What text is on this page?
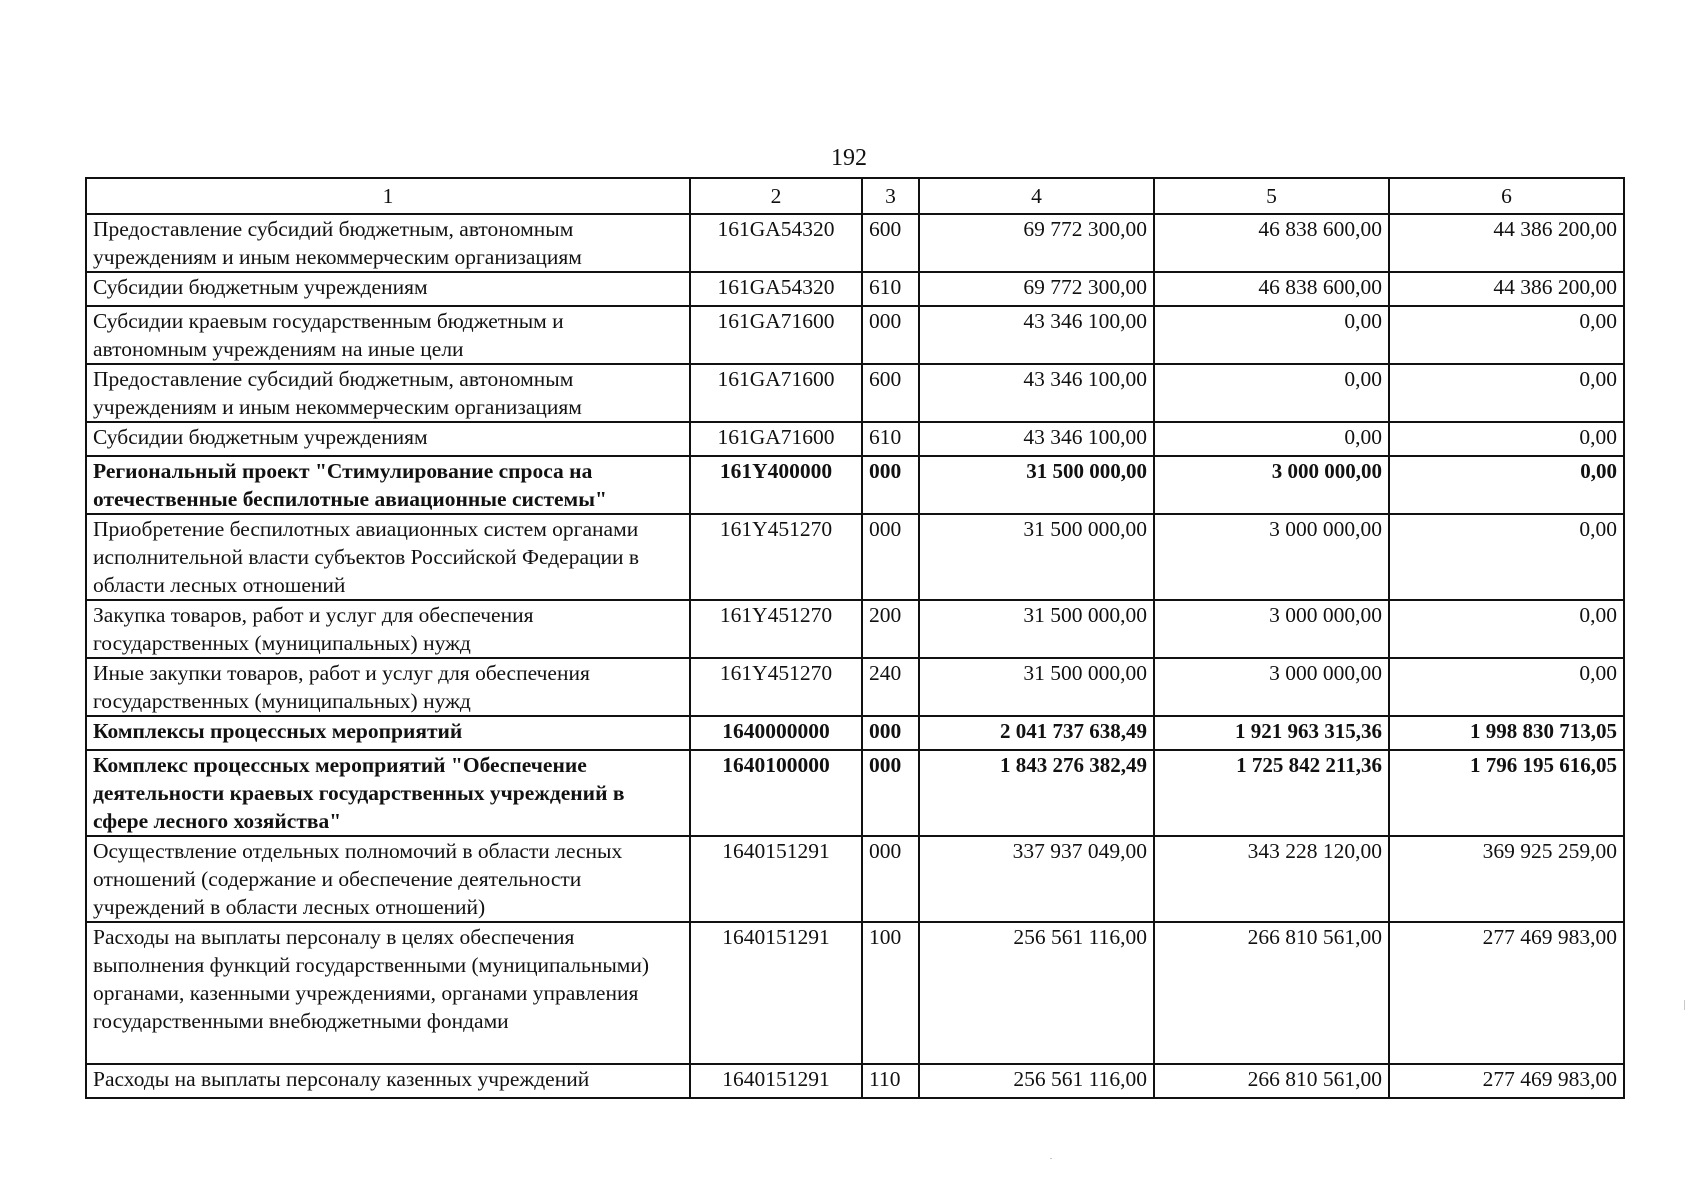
192
1	2	3	4	5	6
Предоставление субсидий бюджетным, автономным учреждениям и иным некоммерческим организациям	161GA54320	600	69 772 300,00	46 838 600,00	44 386 200,00
Субсидии бюджетным учреждениям	161GA54320	610	69 772 300,00	46 838 600,00	44 386 200,00
Субсидии краевым государственным бюджетным и автономным учреждениям на иные цели	161GA71600	000	43 346 100,00	0,00	0,00
Предоставление субсидий бюджетным, автономным учреждениям и иным некоммерческим организациям	161GA71600	600	43 346 100,00	0,00	0,00
Субсидии бюджетным учреждениям	161GA71600	610	43 346 100,00	0,00	0,00
Региональный проект "Стимулирование спроса на отечественные беспилотные авиационные системы"	161Y400000	000	31 500 000,00	3 000 000,00	0,00
Приобретение беспилотных авиационных систем органами исполнительной власти субъектов Российской Федерации в области лесных отношений	161Y451270	000	31 500 000,00	3 000 000,00	0,00
Закупка товаров, работ и услуг для обеспечения государственных (муниципальных) нужд	161Y451270	200	31 500 000,00	3 000 000,00	0,00
Иные закупки товаров, работ и услуг для обеспечения государственных (муниципальных) нужд	161Y451270	240	31 500 000,00	3 000 000,00	0,00
Комплексы процессных мероприятий	1640000000	000	2 041 737 638,49	1 921 963 315,36	1 998 830 713,05
Комплекс процессных мероприятий "Обеспечение деятельности краевых государственных учреждений в сфере лесного хозяйства"	1640100000	000	1 843 276 382,49	1 725 842 211,36	1 796 195 616,05
Осуществление отдельных полномочий в области лесных отношений (содержание и обеспечение деятельности учреждений в области лесных отношений)	1640151291	000	337 937 049,00	343 228 120,00	369 925 259,00
Расходы на выплаты персоналу в целях обеспечения выполнения функций государственными (муниципальными) органами, казенными учреждениями, органами управления государственными внебюджетными фондами	1640151291	100	256 561 116,00	266 810 561,00	277 469 983,00
Расходы на выплаты персоналу казенных учреждений	1640151291	110	256 561 116,00	266 810 561,00	277 469 983,00
